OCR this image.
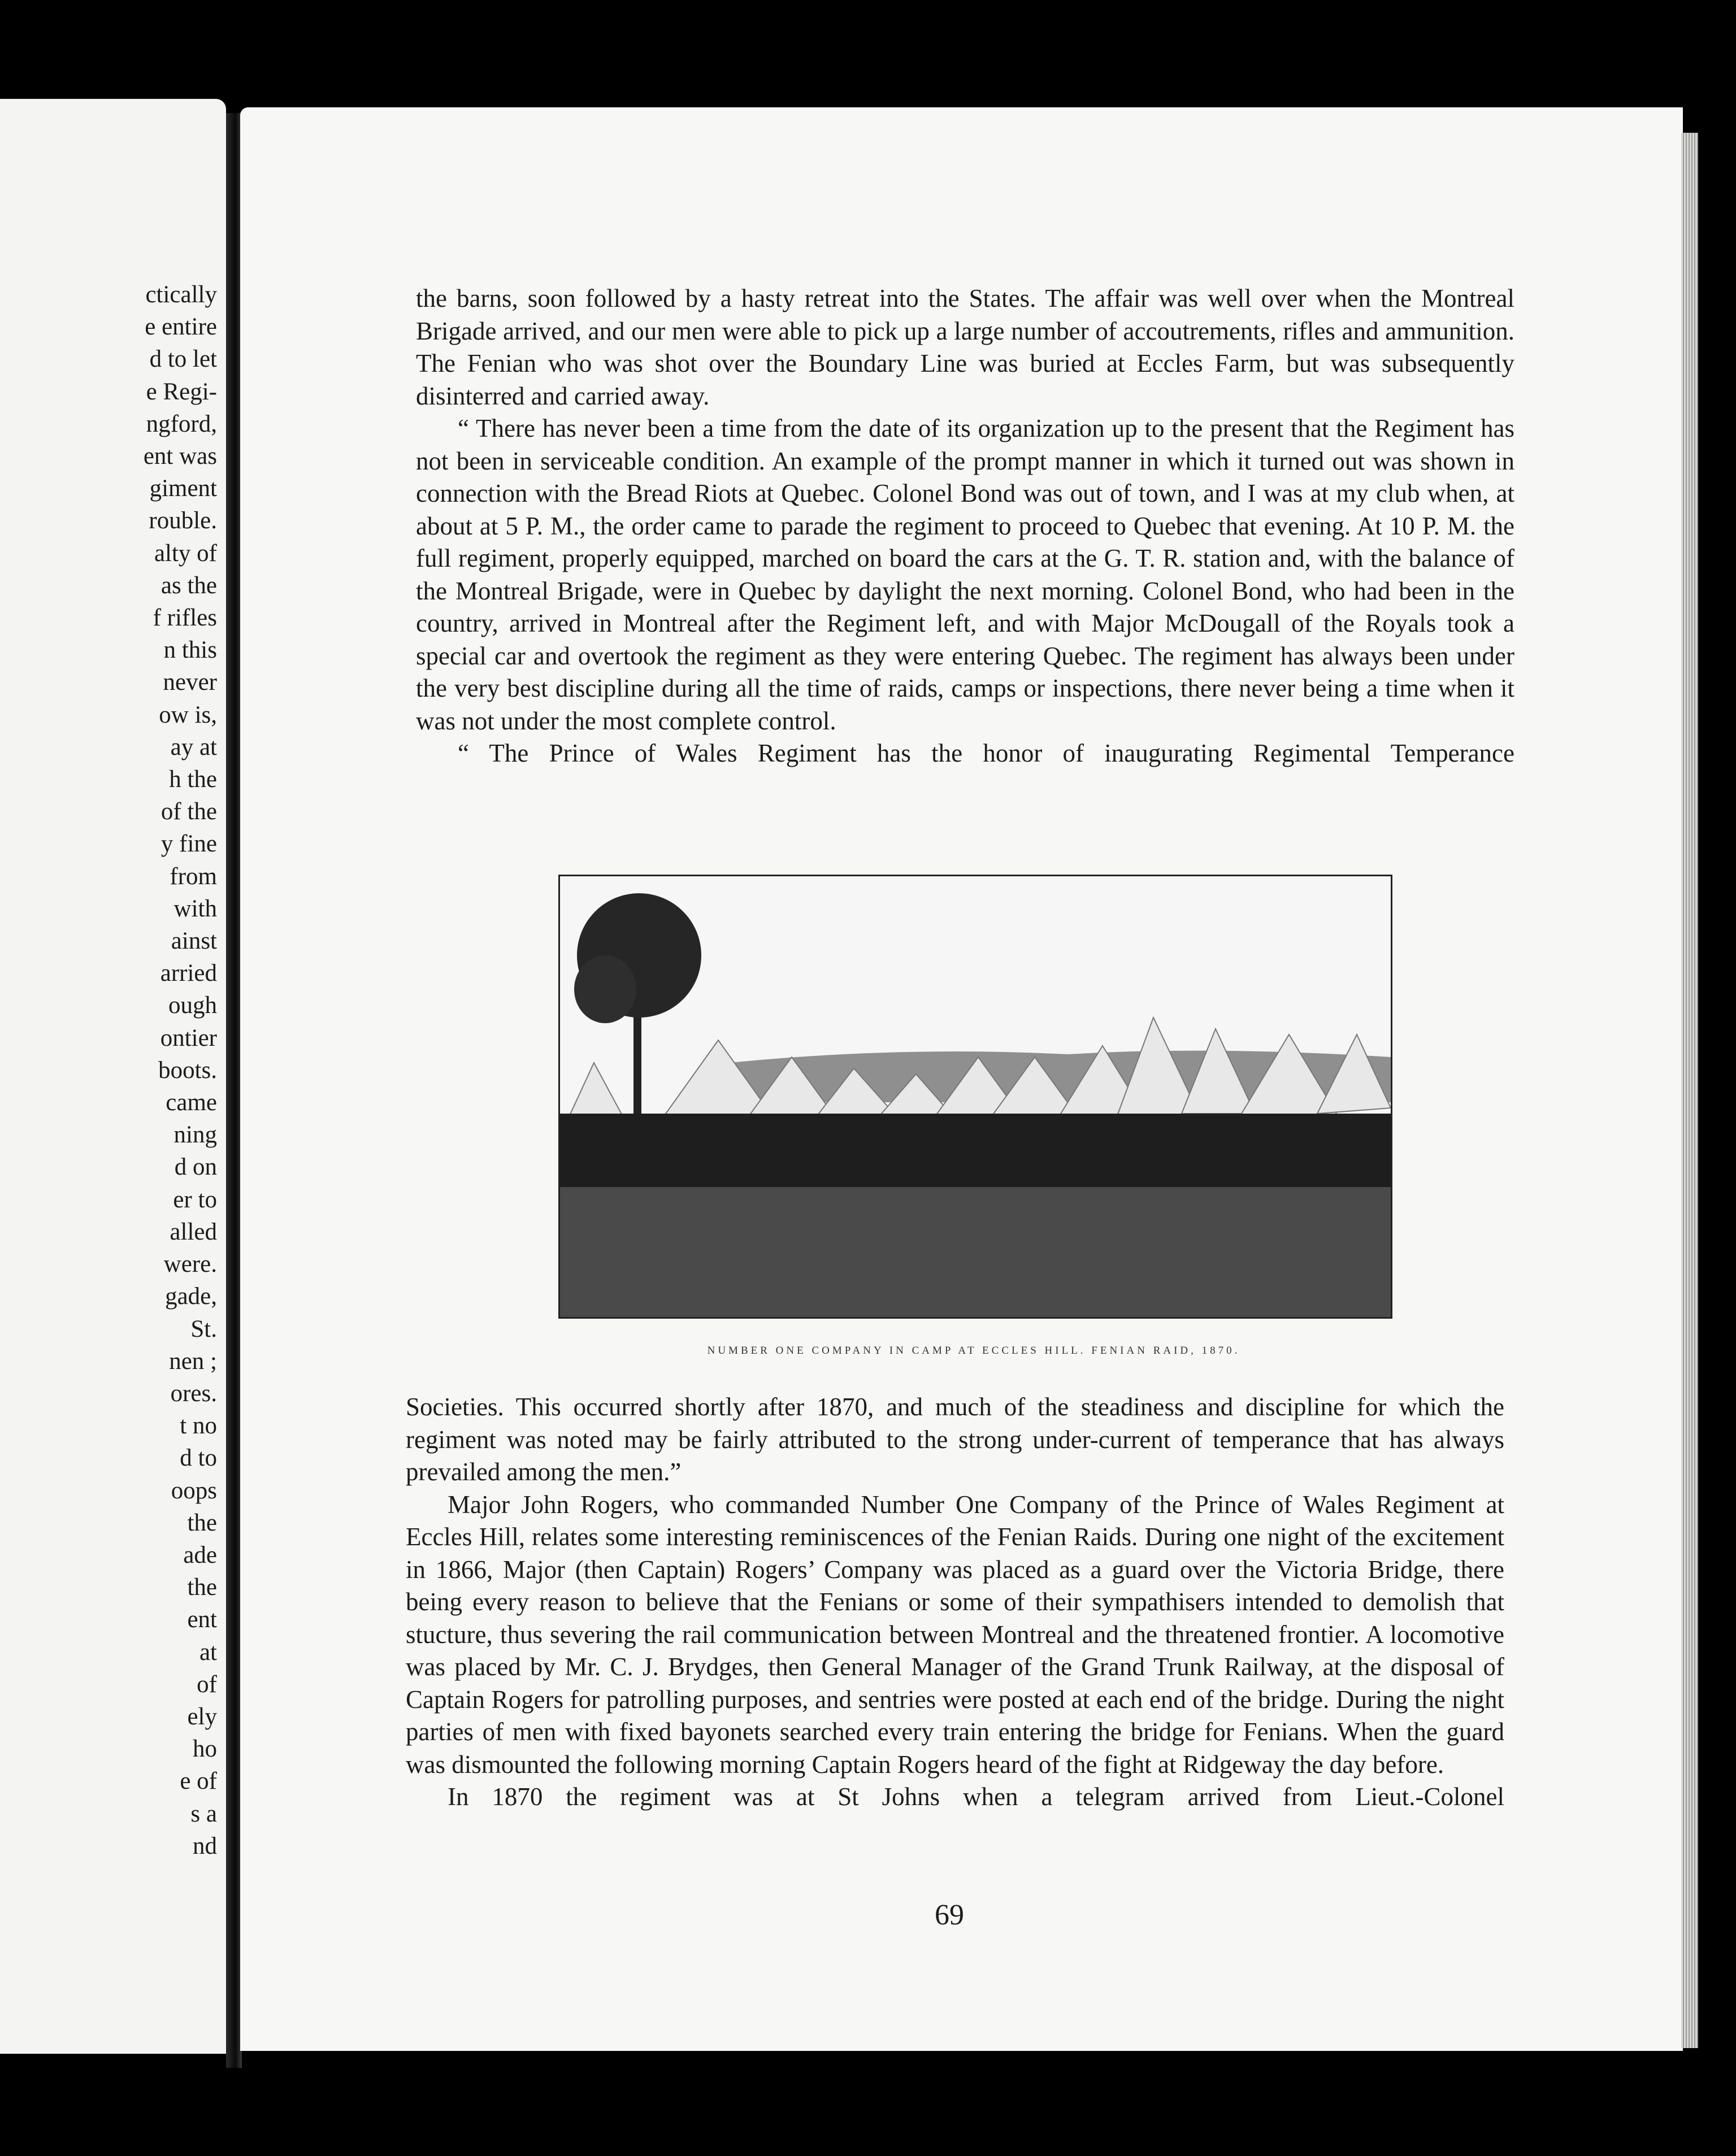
ctically
e entire
d to let
e Regi-
ngford,
ent was
giment
rouble.
alty of
as the
f rifles
n this
never
ow is,
ay at
h the
of the
y fine
from
with
ainst
arried
ough
ontier
boots.
came
ning
d on
er to
alled
were.
gade,
St.
nen ;
ores.
t no
d to
oops
the
ade
the
ent
at
of
ely
ho
e of
s a
nd

the barns, soon followed by a hasty retreat into the States. The affair was well over when the Montreal Brigade arrived, and our men were able to pick up a large number of accoutrements, rifles and ammunition. The Fenian who was shot over the Boundary Line was buried at Eccles Farm, but was subsequently disinterred and carried away.

“ There has never been a time from the date of its organization up to the present that the Regiment has not been in serviceable condition. An example of the prompt manner in which it turned out was shown in connection with the Bread Riots at Quebec. Colonel Bond was out of town, and I was at my club when, at about at 5 P. M., the order came to parade the regiment to proceed to Quebec that evening. At 10 P. M. the full regiment, properly equipped, marched on board the cars at the G. T. R. station and, with the balance of the Montreal Brigade, were in Quebec by daylight the next morning. Colonel Bond, who had been in the country, arrived in Montreal after the Regiment left, and with Major McDougall of the Royals took a special car and overtook the regiment as they were entering Quebec. The regiment has always been under the very best discipline during all the time of raids, camps or inspections, there never being a time when it was not under the most complete control.

“ The Prince of Wales Regiment has the honor of inaugurating Regimental Temperance

NUMBER ONE COMPANY IN CAMP AT ECCLES HILL. FENIAN RAID, 1870.

Societies. This occurred shortly after 1870, and much of the steadiness and discipline for which the regiment was noted may be fairly attributed to the strong under-current of temperance that has always prevailed among the men.”

Major John Rogers, who commanded Number One Company of the Prince of Wales Regiment at Eccles Hill, relates some interesting reminiscences of the Fenian Raids. During one night of the excitement in 1866, Major (then Captain) Rogers’ Company was placed as a guard over the Victoria Bridge, there being every reason to believe that the Fenians or some of their sympathisers intended to demolish that stucture, thus severing the rail communication between Montreal and the threatened frontier. A locomotive was placed by Mr. C. J. Brydges, then General Manager of the Grand Trunk Railway, at the disposal of Captain Rogers for patrolling purposes, and sentries were posted at each end of the bridge. During the night parties of men with fixed bayonets searched every train entering the bridge for Fenians. When the guard was dismounted the following morning Captain Rogers heard of the fight at Ridgeway the day before.

In 1870 the regiment was at St Johns when a telegram arrived from Lieut.-Colonel

69
